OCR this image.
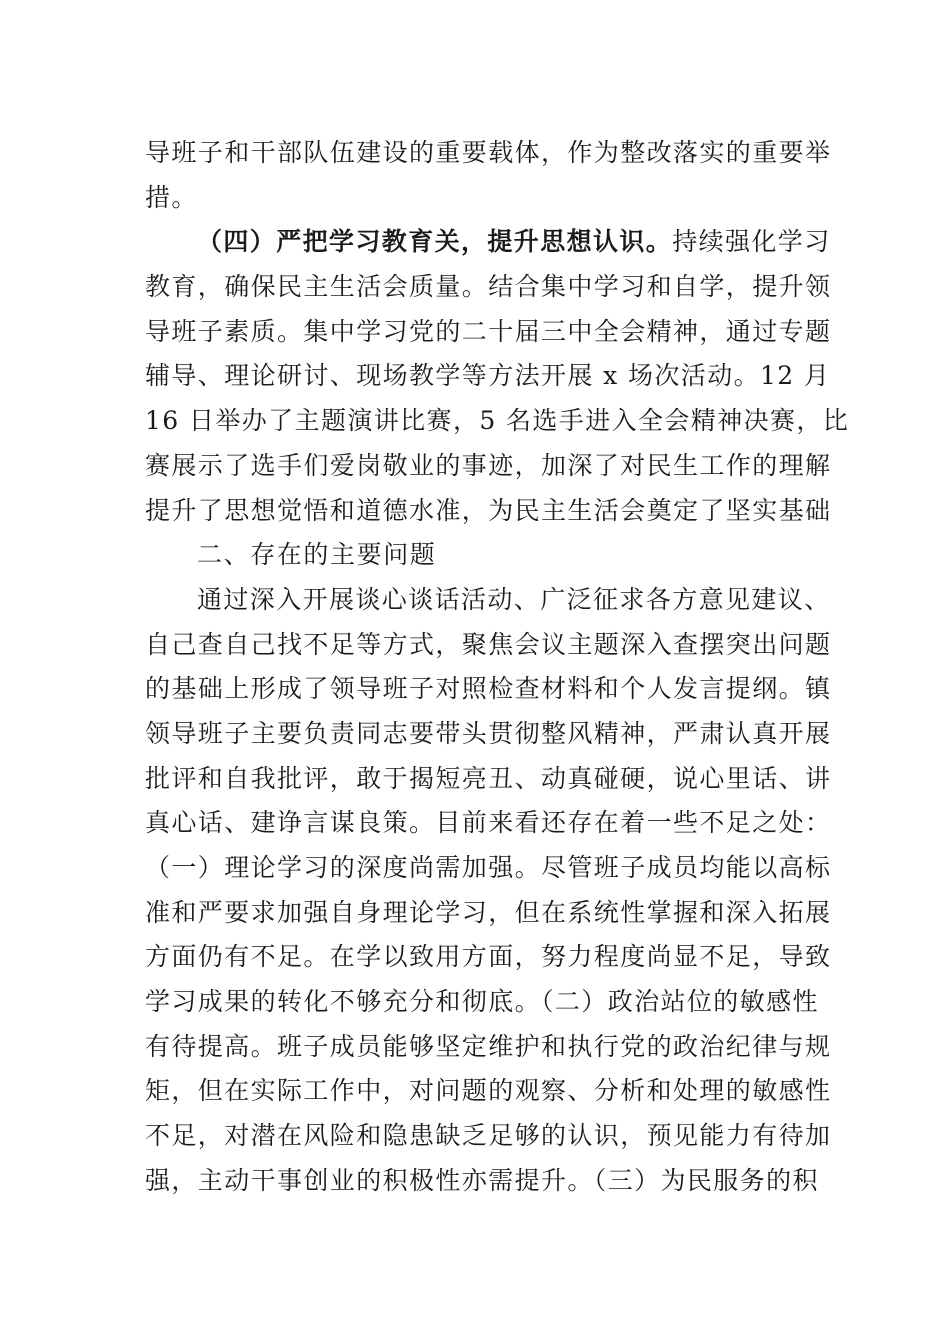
导班子和干部队伍建设的重要载体，作为整改落实的重要举
措。
（四）严把学习教育关，提升思想认识。持续强化学习
教育，确保民主生活会质量。结合集中学习和自学，提升领
导班子素质。集中学习党的二十届三中全会精神，通过专题
辅导、理论研讨、现场教学等方法开展 x 场次活动。12 月
16 日举办了主题演讲比赛，5 名选手进入全会精神决赛，比
赛展示了选手们爱岗敬业的事迹，加深了对民生工作的理解
提升了思想觉悟和道德水准，为民主生活会奠定了坚实基础
二、存在的主要问题
通过深入开展谈心谈话活动、广泛征求各方意见建议、
自己查自己找不足等方式，聚焦会议主题深入查摆突出问题
的基础上形成了领导班子对照检查材料和个人发言提纲。镇
领导班子主要负责同志要带头贯彻整风精神，严肃认真开展
批评和自我批评，敢于揭短亮丑、动真碰硬，说心里话、讲
真心话、建诤言谋良策。目前来看还存在着一些不足之处：
（一）理论学习的深度尚需加强。尽管班子成员均能以高标
准和严要求加强自身理论学习，但在系统性掌握和深入拓展
方面仍有不足。在学以致用方面，努力程度尚显不足，导致
学习成果的转化不够充分和彻底。（二）政治站位的敏感性
有待提高。班子成员能够坚定维护和执行党的政治纪律与规
矩，但在实际工作中，对问题的观察、分析和处理的敏感性
不足，对潜在风险和隐患缺乏足够的认识，预见能力有待加
强，主动干事创业的积极性亦需提升。（三）为民服务的积
